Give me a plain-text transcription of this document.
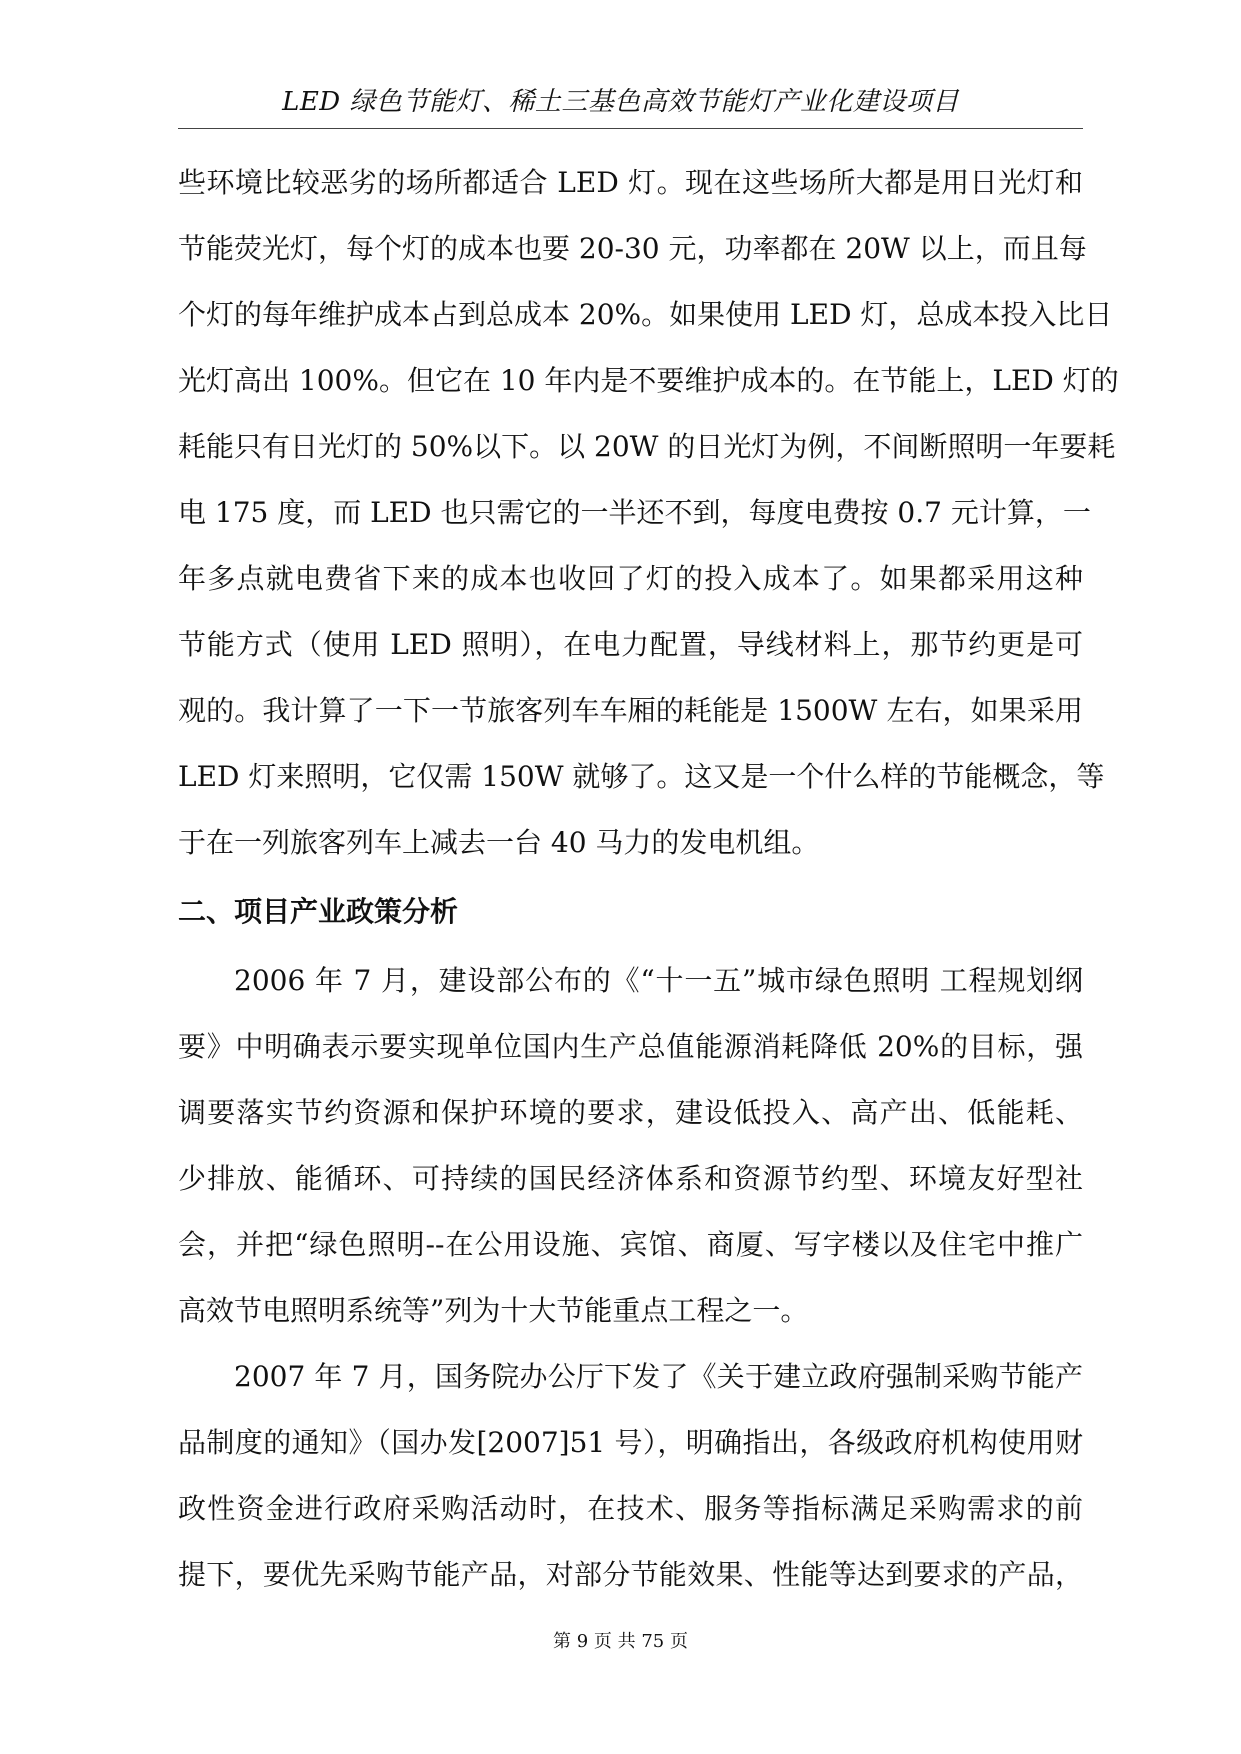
LED 绿色节能灯、稀土三基色高效节能灯产业化建设项目
些环境比较恶劣的场所都适合 LED 灯。现在这些场所大都是用日光灯和
节能荧光灯，每个灯的成本也要 20-30 元，功率都在 20W 以上，而且每
个灯的每年维护成本占到总成本 20%。如果使用 LED 灯，总成本投入比日
光灯高出 100%。但它在 10 年内是不要维护成本的。在节能上，LED 灯的
耗能只有日光灯的 50%以下。以 20W 的日光灯为例，不间断照明一年要耗
电 175 度，而 LED 也只需它的一半还不到，每度电费按 0.7 元计算，一
年多点就电费省下来的成本也收回了灯的投入成本了。如果都采用这种
节能方式（使用 LED 照明），在电力配置，导线材料上，那节约更是可
观的。我计算了一下一节旅客列车车厢的耗能是 1500W 左右，如果采用
LED 灯来照明，它仅需 150W 就够了。这又是一个什么样的节能概念，等
于在一列旅客列车上减去一台 40 马力的发电机组。
二、项目产业政策分析
2006 年 7 月，建设部公布的《“十一五”城市绿色照明 工程规划纲
要》中明确表示要实现单位国内生产总值能源消耗降低 20%的目标，强
调要落实节约资源和保护环境的要求，建设低投入、高产出、低能耗、
少排放、能循环、可持续的国民经济体系和资源节约型、环境友好型社
会，并把“绿色照明--在公用设施、宾馆、商厦、写字楼以及住宅中推广
高效节电照明系统等”列为十大节能重点工程之一。
2007 年 7 月，国务院办公厅下发了《关于建立政府强制采购节能产
品制度的通知》（国办发[2007]51 号），明确指出，各级政府机构使用财
政性资金进行政府采购活动时，在技术、服务等指标满足采购需求的前
提下，要优先采购节能产品，对部分节能效果、性能等达到要求的产品，
第 9 页 共 75 页
